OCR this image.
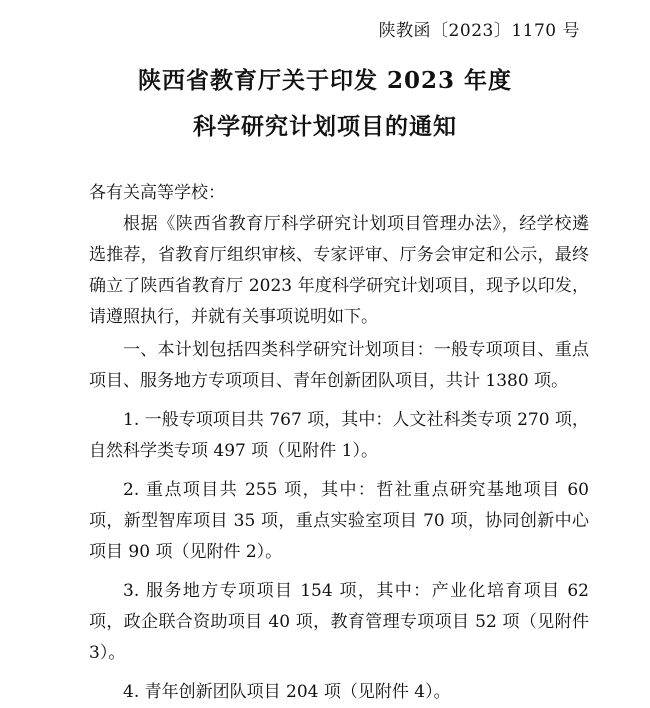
陕教函〔2023〕1170 号
陕西省教育厅关于印发 2023 年度
科学研究计划项目的通知

各有关高等学校：

根据《陕西省教育厅科学研究计划项目管理办法》，经学校遴选推荐，省教育厅组织审核、专家评审、厅务会审定和公示，最终确立了陕西省教育厅 2023 年度科学研究计划项目，现予以印发，请遵照执行，并就有关事项说明如下。

一、本计划包括四类科学研究计划项目：一般专项项目、重点项目、服务地方专项项目、青年创新团队项目，共计 1380 项。

1. 一般专项项目共 767 项，其中：人文社科类专项 270 项，自然科学类专项 497 项（见附件 1）。

2. 重点项目共 255 项，其中：哲社重点研究基地项目 60 项，新型智库项目 35 项，重点实验室项目 70 项，协同创新中心项目 90 项（见附件 2）。

3. 服务地方专项项目 154 项，其中：产业化培育项目 62 项，政企联合资助项目 40 项，教育管理专项项目 52 项（见附件 3）。

4. 青年创新团队项目 204 项（见附件 4）。
